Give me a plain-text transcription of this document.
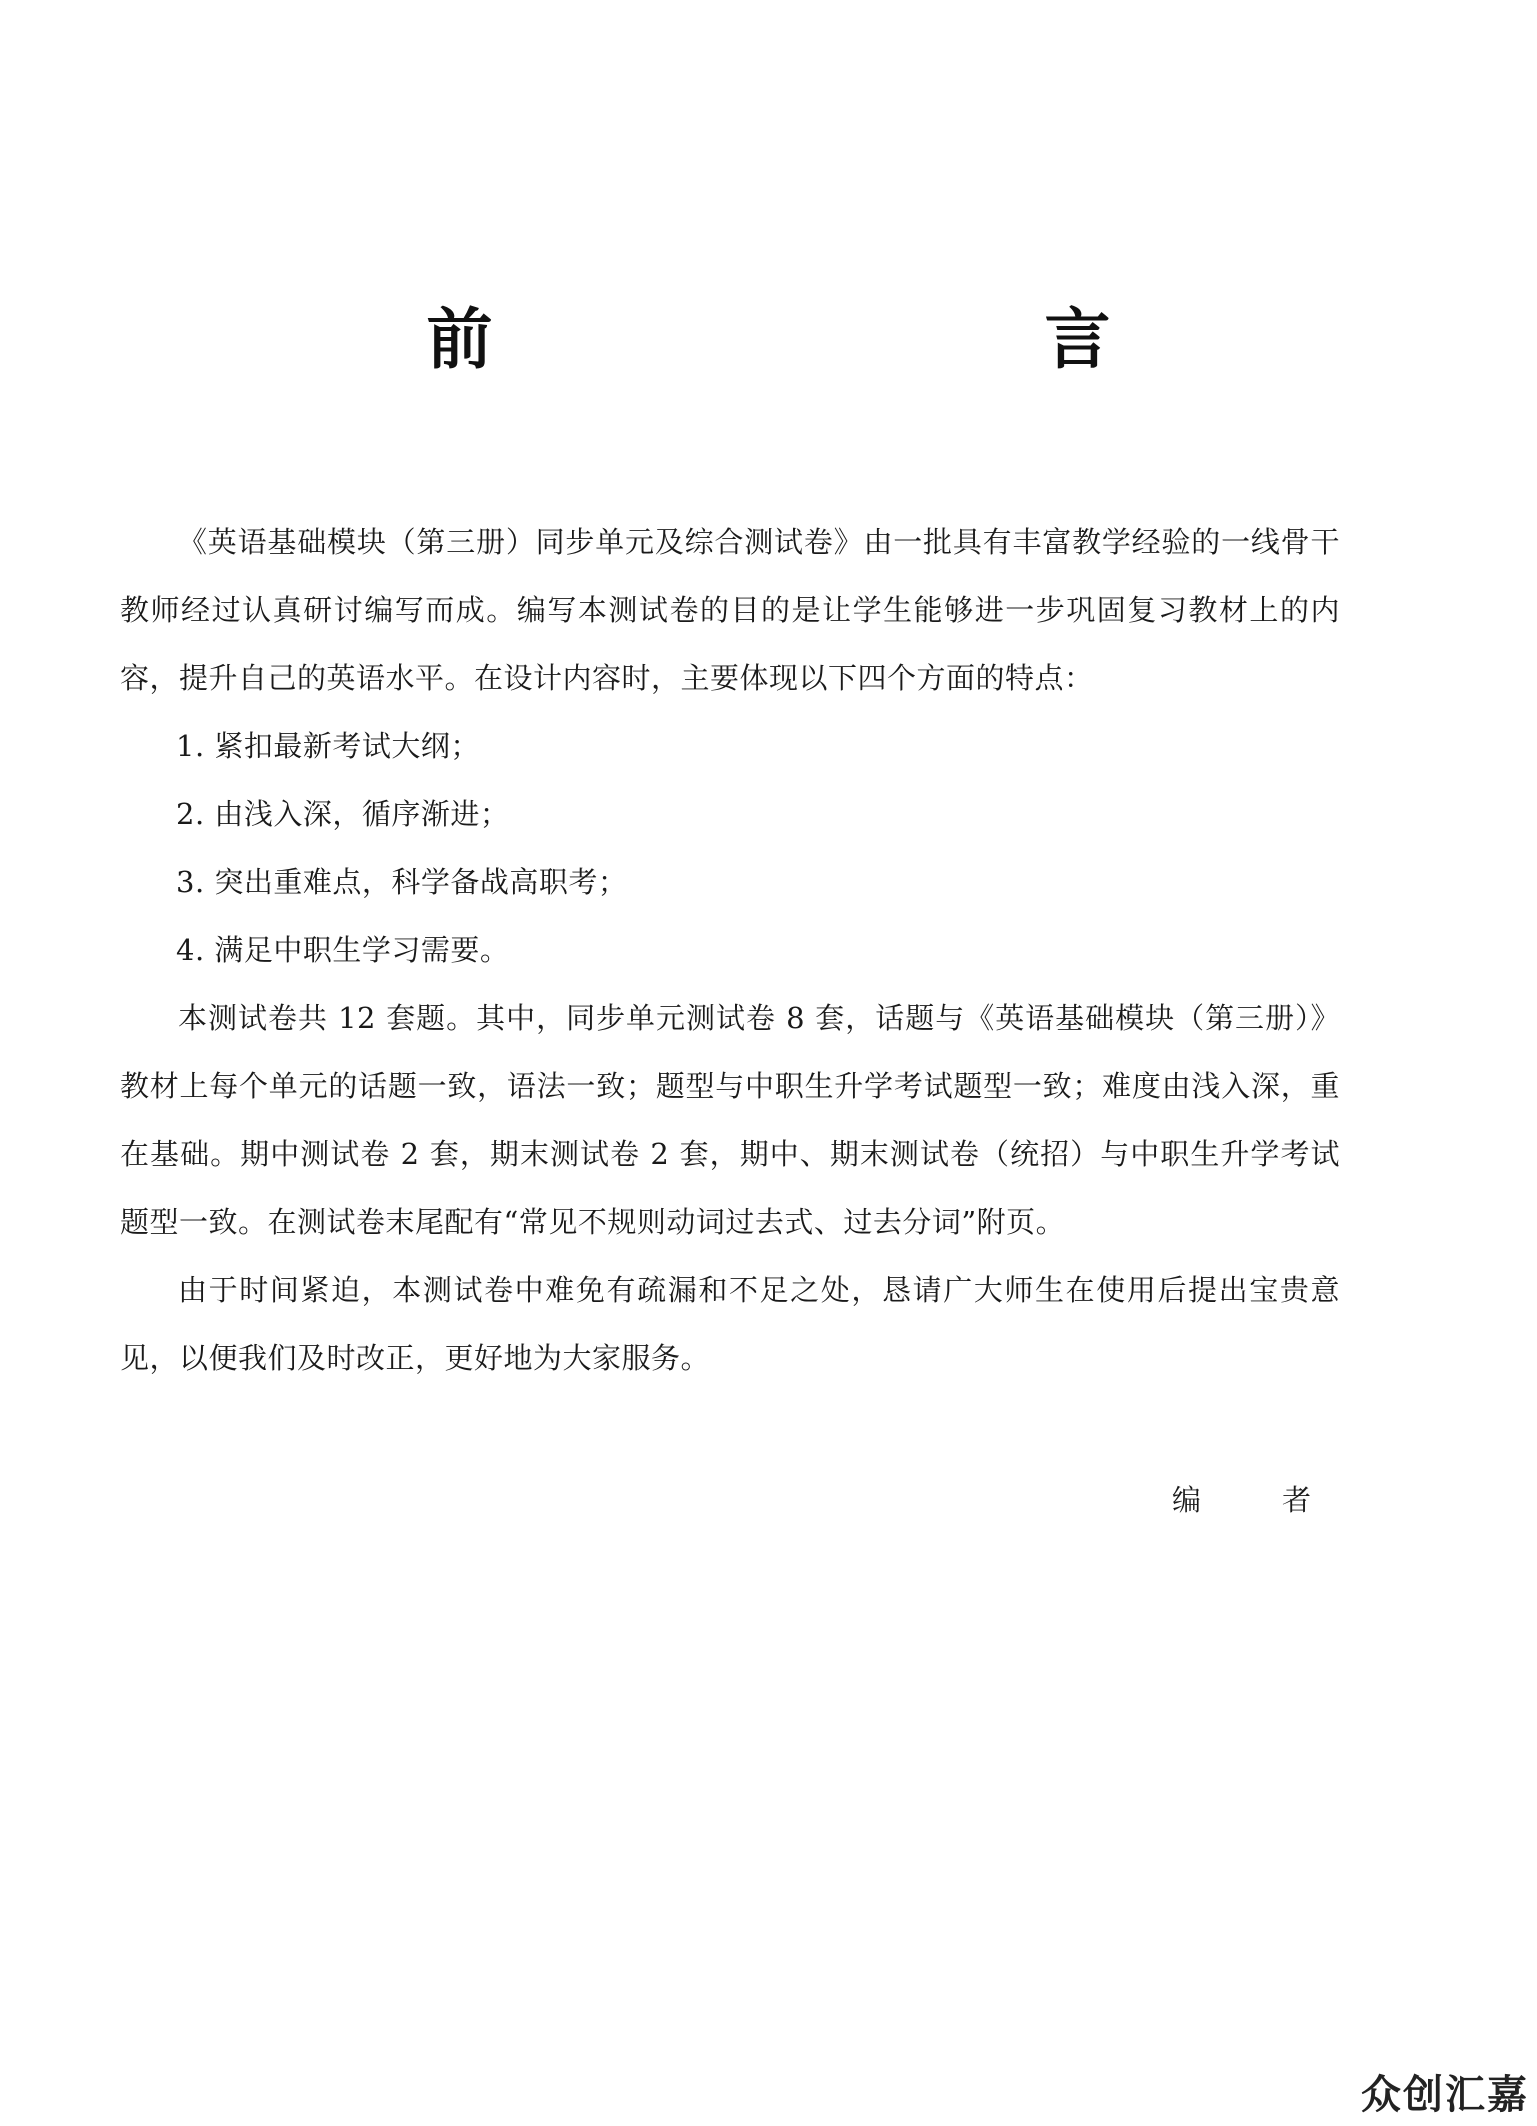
前　　言

《英语基础模块（第三册）同步单元及综合测试卷》由一批具有丰富教学经验的一线骨干教师经过认真研讨编写而成。编写本测试卷的目的是让学生能够进一步巩固复习教材上的内容，提升自己的英语水平。在设计内容时，主要体现以下四个方面的特点：

1. 紧扣最新考试大纲；

2. 由浅入深，循序渐进；

3. 突出重难点，科学备战高职考；

4. 满足中职生学习需要。

本测试卷共 12 套题。其中，同步单元测试卷 8 套，话题与《英语基础模块（第三册）》教材上每个单元的话题一致，语法一致；题型与中职生升学考试题型一致；难度由浅入深，重在基础。期中测试卷 2 套，期末测试卷 2 套，期中、期末测试卷（统招）与中职生升学考试题型一致。在测试卷末尾配有“常见不规则动词过去式、过去分词”附页。

由于时间紧迫，本测试卷中难免有疏漏和不足之处，恳请广大师生在使用后提出宝贵意见，以便我们及时改正，更好地为大家服务。

编　者
众创汇嘉
